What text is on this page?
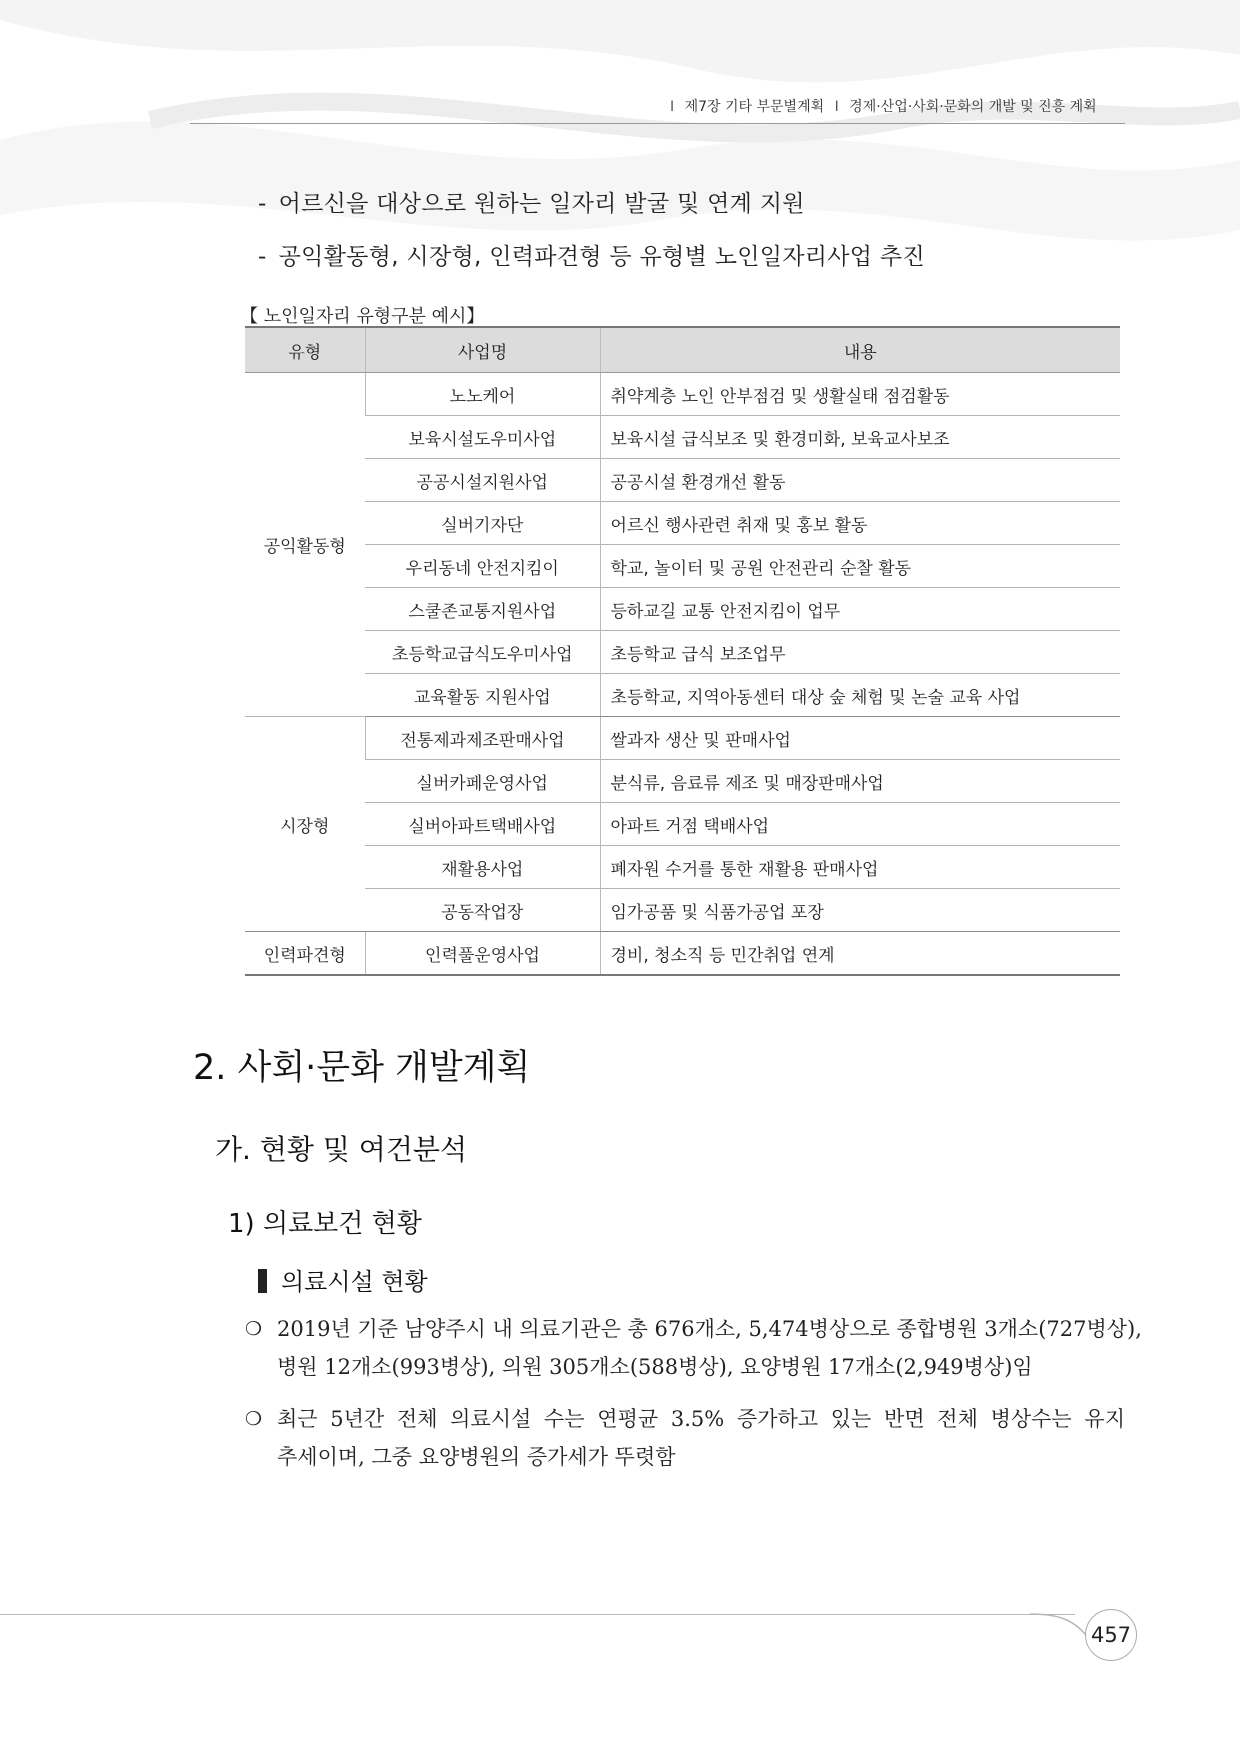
I 제7장 기타 부문별계획 I 경제·산업·사회·문화의 개발 및 진흥 계획
- 어르신을 대상으로 원하는 일자리 발굴 및 연계 지원
- 공익활동형, 시장형, 인력파견형 등 유형별 노인일자리사업 추진
【 노인일자리 유형구분 예시】
유형	사업명	내용
공익활동형	노노케어	취약계층 노인 안부점검 및 생활실태 점검활동
	보육시설도우미사업	보육시설 급식보조 및 환경미화, 보육교사보조
	공공시설지원사업	공공시설 환경개선 활동
	실버기자단	어르신 행사관련 취재 및 홍보 활동
	우리동네 안전지킴이	학교, 놀이터 및 공원 안전관리 순찰 활동
	스쿨존교통지원사업	등하교길 교통 안전지킴이 업무
	초등학교급식도우미사업	초등학교 급식 보조업무
	교육활동 지원사업	초등학교, 지역아동센터 대상 숲 체험 및 논술 교육 사업
시장형	전통제과제조판매사업	쌀과자 생산 및 판매사업
	실버카페운영사업	분식류, 음료류 제조 및 매장판매사업
	실버아파트택배사업	아파트 거점 택배사업
	재활용사업	폐자원 수거를 통한 재활용 판매사업
	공동작업장	임가공품 및 식품가공업 포장
인력파견형	인력풀운영사업	경비, 청소직 등 민간취업 연계
2. 사회·문화 개발계획
가. 현황 및 여건분석
1) 의료보건 현황
의료시설 현황
❍ 2019년 기준 남양주시 내 의료기관은 총 676개소, 5,474병상으로 종합병원 3개소(727병상),
병원 12개소(993병상), 의원 305개소(588병상), 요양병원 17개소(2,949병상)임
❍ 최근 5년간 전체 의료시설 수는 연평균 3.5% 증가하고 있는 반면 전체 병상수는 유지
추세이며, 그중 요양병원의 증가세가 뚜렷함
457
